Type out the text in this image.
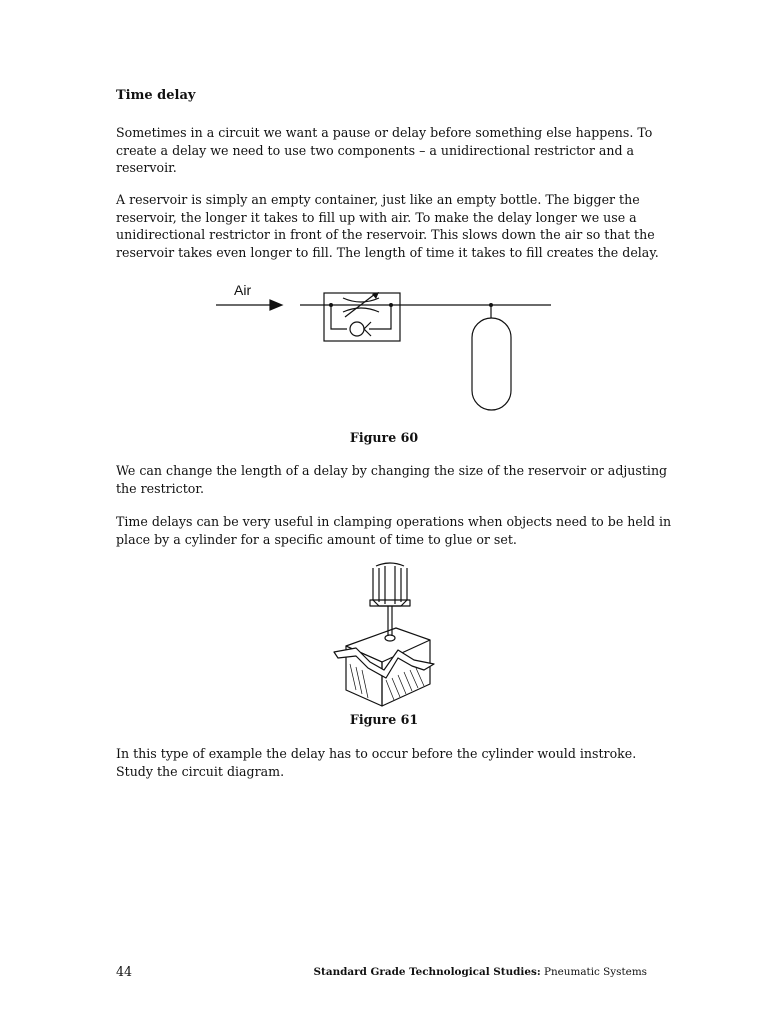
Time delay

Sometimes in a circuit we want a pause or delay before something else happens. To create a delay we need to use two components – a unidirectional restrictor and a reservoir.

A reservoir is simply an empty container, just like an empty bottle. The bigger the reservoir, the longer it takes to fill up with air. To make the delay longer we use a unidirectional restrictor in front of the reservoir. This slows down the air so that the reservoir takes even longer to fill. The length of time it takes to fill creates the delay.

Air
Figure 60

We can change the length of a delay by changing the size of the reservoir or adjusting the restrictor.

Time delays can be very useful in clamping operations when objects need to be held in place by a cylinder for a specific amount of time to glue or set.

Figure 61

In this type of example the delay has to occur before the cylinder would instroke. Study the circuit diagram.

44	Standard Grade Technological Studies: Pneumatic Systems
